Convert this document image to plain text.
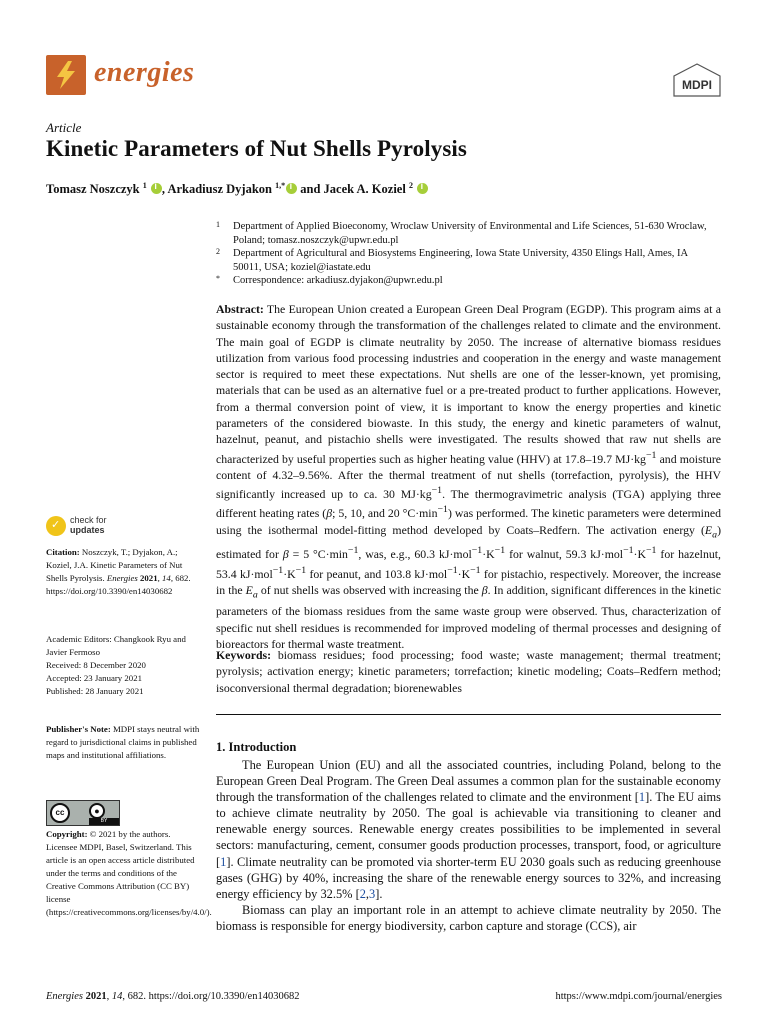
energies	MDPI
Article
Kinetic Parameters of Nut Shells Pyrolysis
Tomasz Noszczyk $^1$ i , Arkadiusz Dyjakon $^{1,*}$i and Jacek A. Koziel $^2$ i
1 Department of Applied Bioeconomy, Wroclaw University of Environmental and Life Sciences, 51-630 Wroclaw, Poland; tomasz.noszczyk@upwr.edu.pl
2 Department of Agricultural and Biosystems Engineering, Iowa State University, 4350 Elings Hall, Ames, IA 50011, USA; koziel@iastate.edu
* Correspondence: arkadiusz.dyjakon@upwr.edu.pl
Abstract: The European Union created a European Green Deal Program (EGDP). This program aims at a sustainable economy through the transformation of the challenges related to climate and the environment. The main goal of EGDP is climate neutrality by 2050. The increase of alternative biomass residues utilization from various food processing industries and cooperation in the energy and waste management sector is required to meet these expectations. Nut shells are one of the lesser-known, yet promising, materials that can be used as an alternative fuel or a pre-treated product to further applications. However, from a thermal conversion point of view, it is important to know the energy properties and kinetic parameters of the considered biowaste. In this study, the energy and kinetic parameters of walnut, hazelnut, peanut, and pistachio shells were investigated. The results showed that raw nut shells are characterized by useful properties such as higher heating value (HHV) at 17.8–19.7 $MJ\cdot kg^{-1}$ and moisture content of 4.32–9.56%. After the thermal treatment of nut shells (torrefaction, pyrolysis), the HHV significantly increased up to ca. 30 $MJ\cdot kg^{-1}$. The thermogravimetric analysis (TGA) applying three different heating rates (β; 5, 10, and 20 $^\circ C\cdot\min^{-1}$) was performed. The kinetic parameters were determined using the isothermal model-fitting method developed by Coats–Redfern. The activation energy $(E_a)$ estimated for β = 5 $^\circ C\cdot\min^{-1}$, was, e.g., 60.3 $kJ\cdot mol^{-1}\cdot K^{-1}$ for walnut, 59.3 $kJ\cdot mol^{-1}\cdot K^{-1}$ for hazelnut, 53.4 $kJ\cdot mol^{-1}\cdot K^{-1}$ for peanut, and 103.8 $kJ\cdot mol^{-1}\cdot K^{-1}$ for pistachio, respectively. Moreover, the increase in the $E_a$ of nut shells was observed with increasing the β. In addition, significant differences in the kinetic parameters of the biomass residues from the same waste group were observed. Thus, characterization of specific nut shell residues is recommended for improved modeling of thermal processes and designing of bioreactors for thermal waste treatment.
Keywords: biomass residues; food processing; food waste; waste management; thermal treatment; pyrolysis; activation energy; kinetic parameters; torrefaction; kinetic modeling; Coats–Redfern method; isoconversional thermal degradation; biorenewables
1. Introduction

The European Union (EU) and all the associated countries, including Poland, belong to the European Green Deal Program. The Green Deal assumes a common plan for the sustainable economy through the transformation of the challenges related to climate and the environment [1]. The EU aims to achieve climate neutrality by 2050. The goal is achievable via transitioning to cleaner and renewable energy sources. Renewable energy creates possibilities to be implemented in several sectors: manufacturing, cement, consumer goods production processes, transport, food, or agriculture [1]. Climate neutrality can be promoted via shorter-term EU 2030 goals such as reducing greenhouse gases (GHG) by 40%, increasing the share of the renewable energy sources to 32%, and increasing energy efficiency by 32.5% [2,3].

Biomass can play an important role in an attempt to achieve climate neutrality by 2050. The biomass is responsible for energy biodiversity, carbon capture and storage (CCS), air

✓
check for
updates
Citation: Noszczyk, T.; Dyjakon, A.; Koziel, J.A. Kinetic Parameters of Nut Shells Pyrolysis. Energies 2021, 14, 682. https://doi.org/10.3390/en14030682
Academic Editors: Changkook Ryu and Javier Fermoso
Received: 8 December 2020
Accepted: 23 January 2021
Published: 28 January 2021
Publisher's Note: MDPI stays neutral with regard to jurisdictional claims in published maps and institutional affiliations.
cc	●
BY
Copyright: © 2021 by the authors. Licensee MDPI, Basel, Switzerland. This article is an open access article distributed under the terms and conditions of the Creative Commons Attribution (CC BY) license (https://creativecommons.org/licenses/by/4.0/).
Energies 2021, 14, 682. https://doi.org/10.3390/en14030682	https://www.mdpi.com/journal/energies
